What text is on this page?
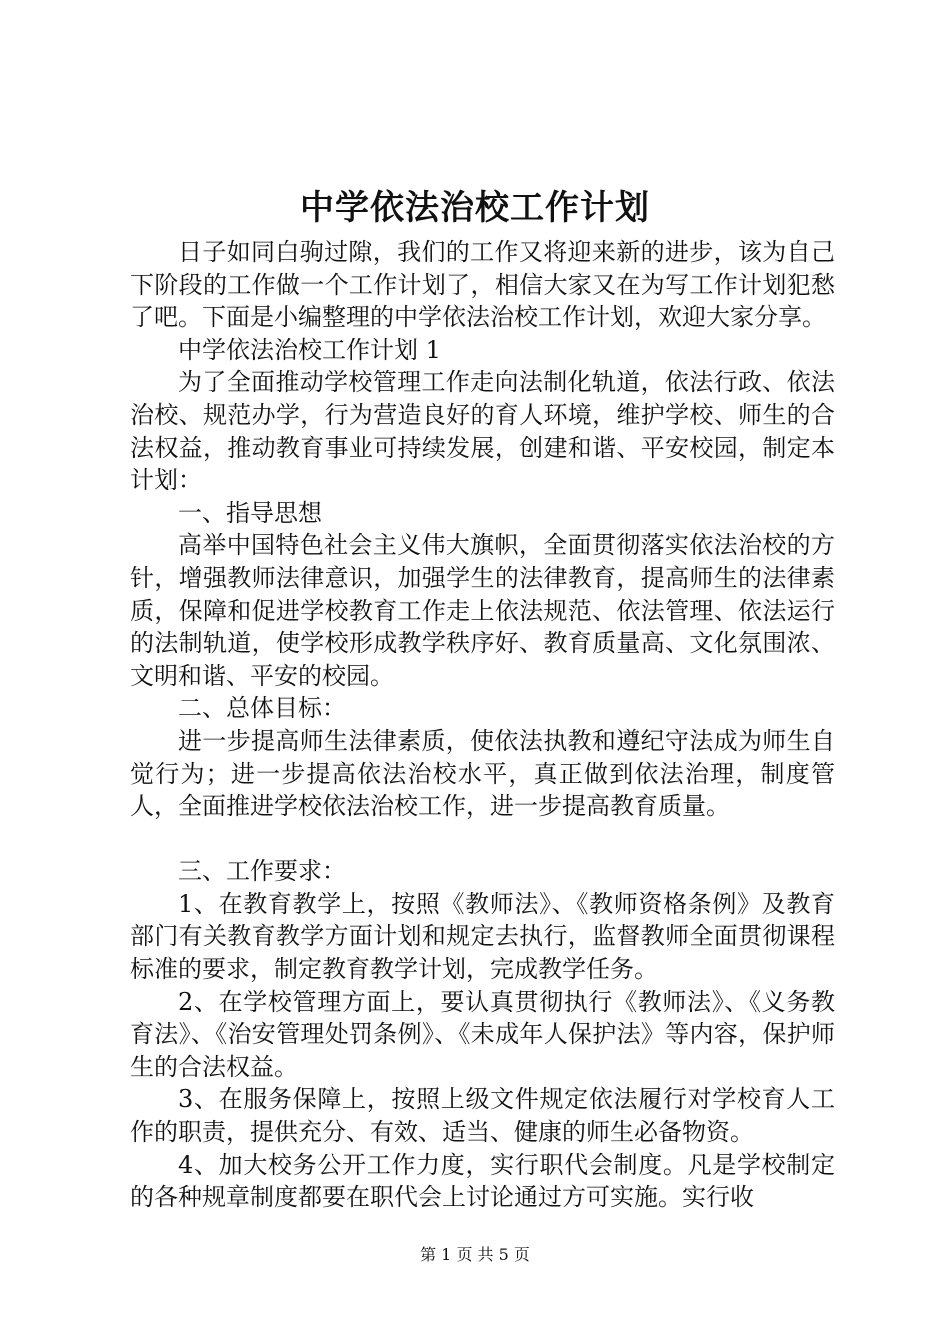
中学依法治校工作计划

日子如同白驹过隙，我们的工作又将迎来新的进步，该为自己下阶段的工作做一个工作计划了，相信大家又在为写工作计划犯愁了吧。下面是小编整理的中学依法治校工作计划，欢迎大家分享。

中学依法治校工作计划 1

为了全面推动学校管理工作走向法制化轨道，依法行政、依法治校、规范办学，行为营造良好的育人环境，维护学校、师生的合法权益，推动教育事业可持续发展，创建和谐、平安校园，制定本计划：

一、指导思想

高举中国特色社会主义伟大旗帜，全面贯彻落实依法治校的方针，增强教师法律意识，加强学生的法律教育，提高师生的法律素质，保障和促进学校教育工作走上依法规范、依法管理、依法运行的法制轨道，使学校形成教学秩序好、教育质量高、文化氛围浓、文明和谐、平安的校园。

二、总体目标：

进一步提高师生法律素质，使依法执教和遵纪守法成为师生自觉行为；进一步提高依法治校水平，真正做到依法治理，制度管人，全面推进学校依法治校工作，进一步提高教育质量。

三、工作要求：

1、在教育教学上，按照《教师法》、《教师资格条例》及教育部门有关教育教学方面计划和规定去执行，监督教师全面贯彻课程标准的要求，制定教育教学计划，完成教学任务。

2、在学校管理方面上，要认真贯彻执行《教师法》、《义务教育法》、《治安管理处罚条例》、《未成年人保护法》等内容，保护师生的合法权益。

3、在服务保障上，按照上级文件规定依法履行对学校育人工作的职责，提供充分、有效、适当、健康的师生必备物资。

4、加大校务公开工作力度，实行职代会制度。凡是学校制定的各种规章制度都要在职代会上讨论通过方可实施。实行收

第 1 页 共 5 页
